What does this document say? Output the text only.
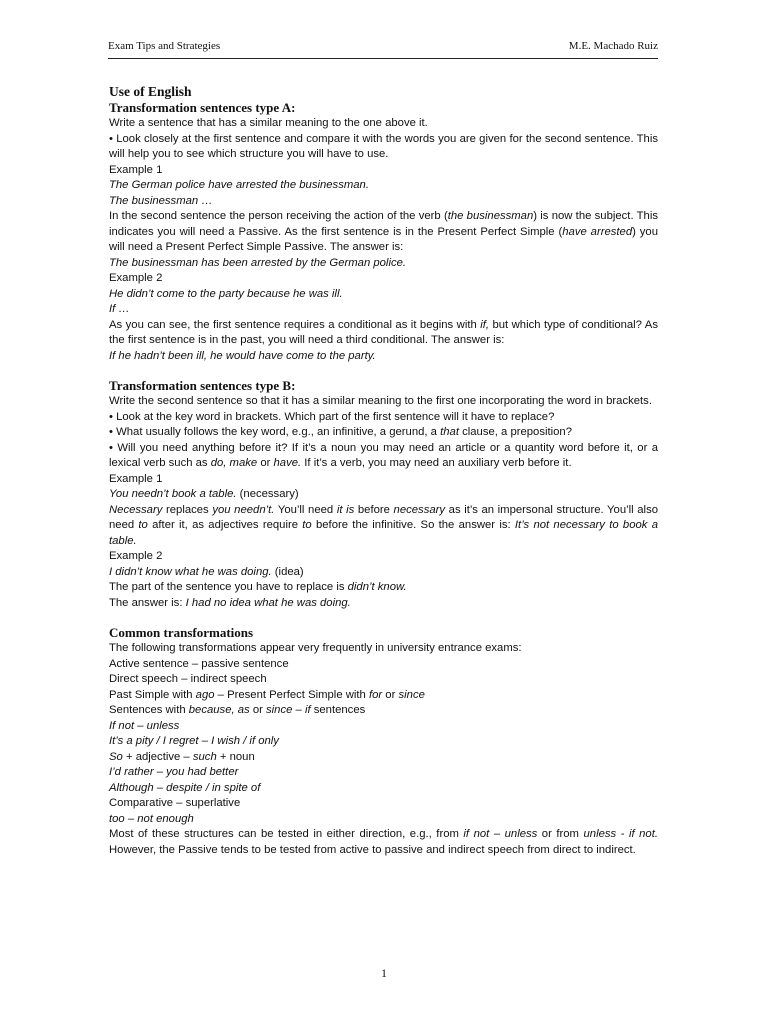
Exam Tips and Strategies	M.E. Machado Ruiz

Use of English

Transformation sentences type A:

Write a sentence that has a similar meaning to the one above it.

• Look closely at the first sentence and compare it with the words you are given for the second sentence. This will help you to see which structure you will have to use.

Example 1

The German police have arrested the businessman.

The businessman …

In the second sentence the person receiving the action of the verb (the businessman) is now the subject. This indicates you will need a Passive. As the first sentence is in the Present Perfect Simple (have arrested) you will need a Present Perfect Simple Passive. The answer is:

The businessman has been arrested by the German police.

Example 2

He didn’t come to the party because he was ill.

If …

As you can see, the first sentence requires a conditional as it begins with if, but which type of conditional? As the first sentence is in the past, you will need a third conditional. The answer is:

If he hadn’t been ill, he would have come to the party.

Transformation sentences type B:

Write the second sentence so that it has a similar meaning to the first one incorporating the word in brackets.

• Look at the key word in brackets. Which part of the first sentence will it have to replace?

• What usually follows the key word, e.g., an infinitive, a gerund, a that clause, a preposition?

• Will you need anything before it? If it’s a noun you may need an article or a quantity word before it, or a lexical verb such as do, make or have. If it’s a verb, you may need an auxiliary verb before it.

Example 1

You needn’t book a table. (necessary)

Necessary replaces you needn’t. You’ll need it is before necessary as it’s an impersonal structure. You’ll also need to after it, as adjectives require to before the infinitive. So the answer is: It’s not necessary to book a table.

Example 2

I didn’t know what he was doing. (idea)

The part of the sentence you have to replace is didn’t know.

The answer is: I had no idea what he was doing.

Common transformations

The following transformations appear very frequently in university entrance exams:

Active sentence – passive sentence

Direct speech – indirect speech

Past Simple with ago – Present Perfect Simple with for or since

Sentences with because, as or since – if sentences

If not – unless

It’s a pity / I regret – I wish / if only

So + adjective – such + noun

I’d rather – you had better

Although – despite / in spite of

Comparative – superlative

too – not enough

Most of these structures can be tested in either direction, e.g., from if not – unless or from unless - if not. However, the Passive tends to be tested from active to passive and indirect speech from direct to indirect.

1
